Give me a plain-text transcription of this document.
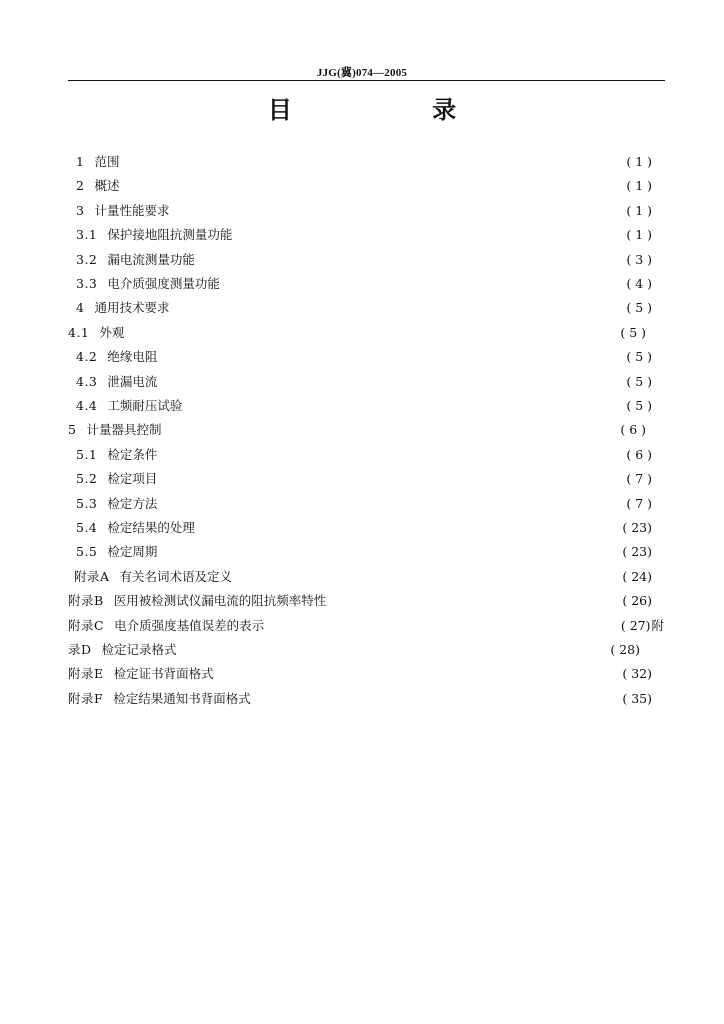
JJG(冀)074—2005
目 录
1 范围	( 1 )
2 概述	( 1 )
3 计量性能要求	( 1 )
3.1 保护接地阻抗测量功能	( 1 )
3.2 漏电流测量功能	( 3 )
3.3 电介质强度测量功能	( 4 )
4 通用技术要求	( 5 )
4.1 外观	( 5 )
4.2 绝缘电阻	( 5 )
4.3 泄漏电流	( 5 )
4.4 工频耐压试验	( 5 )
5 计量器具控制	( 6 )
5.1 检定条件	( 6 )
5.2 检定项目	( 7 )
5.3 检定方法	( 7 )
5.4 检定结果的处理	( 23)
5.5 检定周期	( 23)
附录A 有关名词术语及定义	( 24)
附录B 医用被检测试仪漏电流的阻抗频率特性	( 26)
附录C 电介质强度基值误差的表示	( 27) 附
录D 检定记录格式	( 28)
附录E 检定证书背面格式	( 32)
附录F 检定结果通知书背面格式	( 35)
